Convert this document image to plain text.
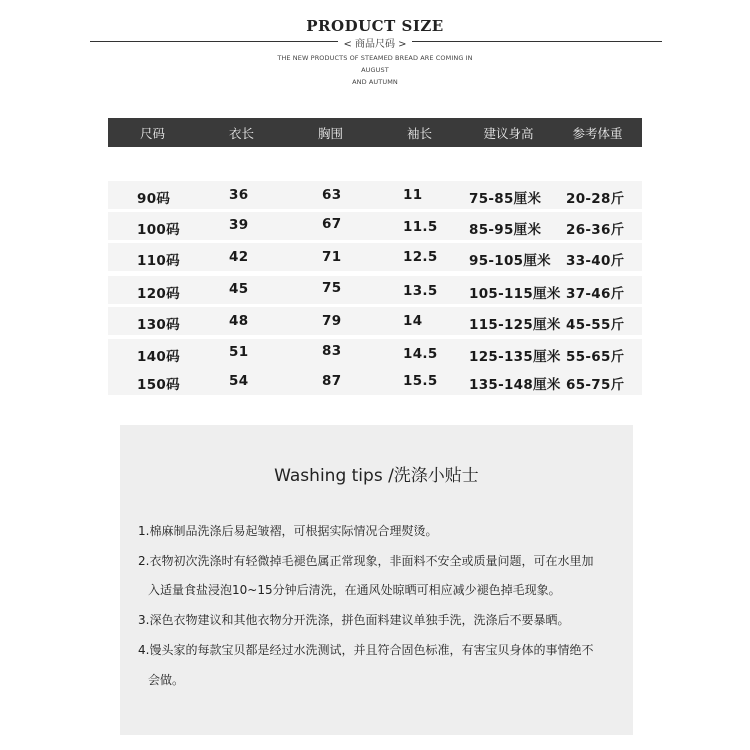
PRODUCT SIZE
< 商品尺码 >
THE NEW PRODUCTS OF STEAMED BREAD ARE COMING IN AUGUST
AND AUTUMN
尺码	衣长	胸围	袖长	建议身高	参考体重
90码	36	63	11	75-85厘米 20-28斤
100码	39	67	11.5 85-95厘米 26-36斤
110码	42	71	12.5 95-105厘米 33-40斤
120码	45	75	13.5 105-115厘米 37-46斤
130码	48	79	14	115-125厘米 45-55斤
140码	51	83	14.5 125-135厘米 55-65斤
150码	54	87	15.5 135-148厘米 65-75斤
Washing tips /洗涤小贴士
1.棉麻制品洗涤后易起皱褶，可根据实际情况合理熨烫。
2.衣物初次洗涤时有轻微掉毛褪色属正常现象，非面料不安全或质量问题，可在水里加
入适量食盐浸泡10~15分钟后清洗，在通风处晾晒可相应减少褪色掉毛现象。
3.深色衣物建议和其他衣物分开洗涤，拼色面料建议单独手洗，洗涤后不要暴晒。
4.馒头家的每款宝贝都是经过水洗测试，并且符合固色标准，有害宝贝身体的事情绝不
会做。
